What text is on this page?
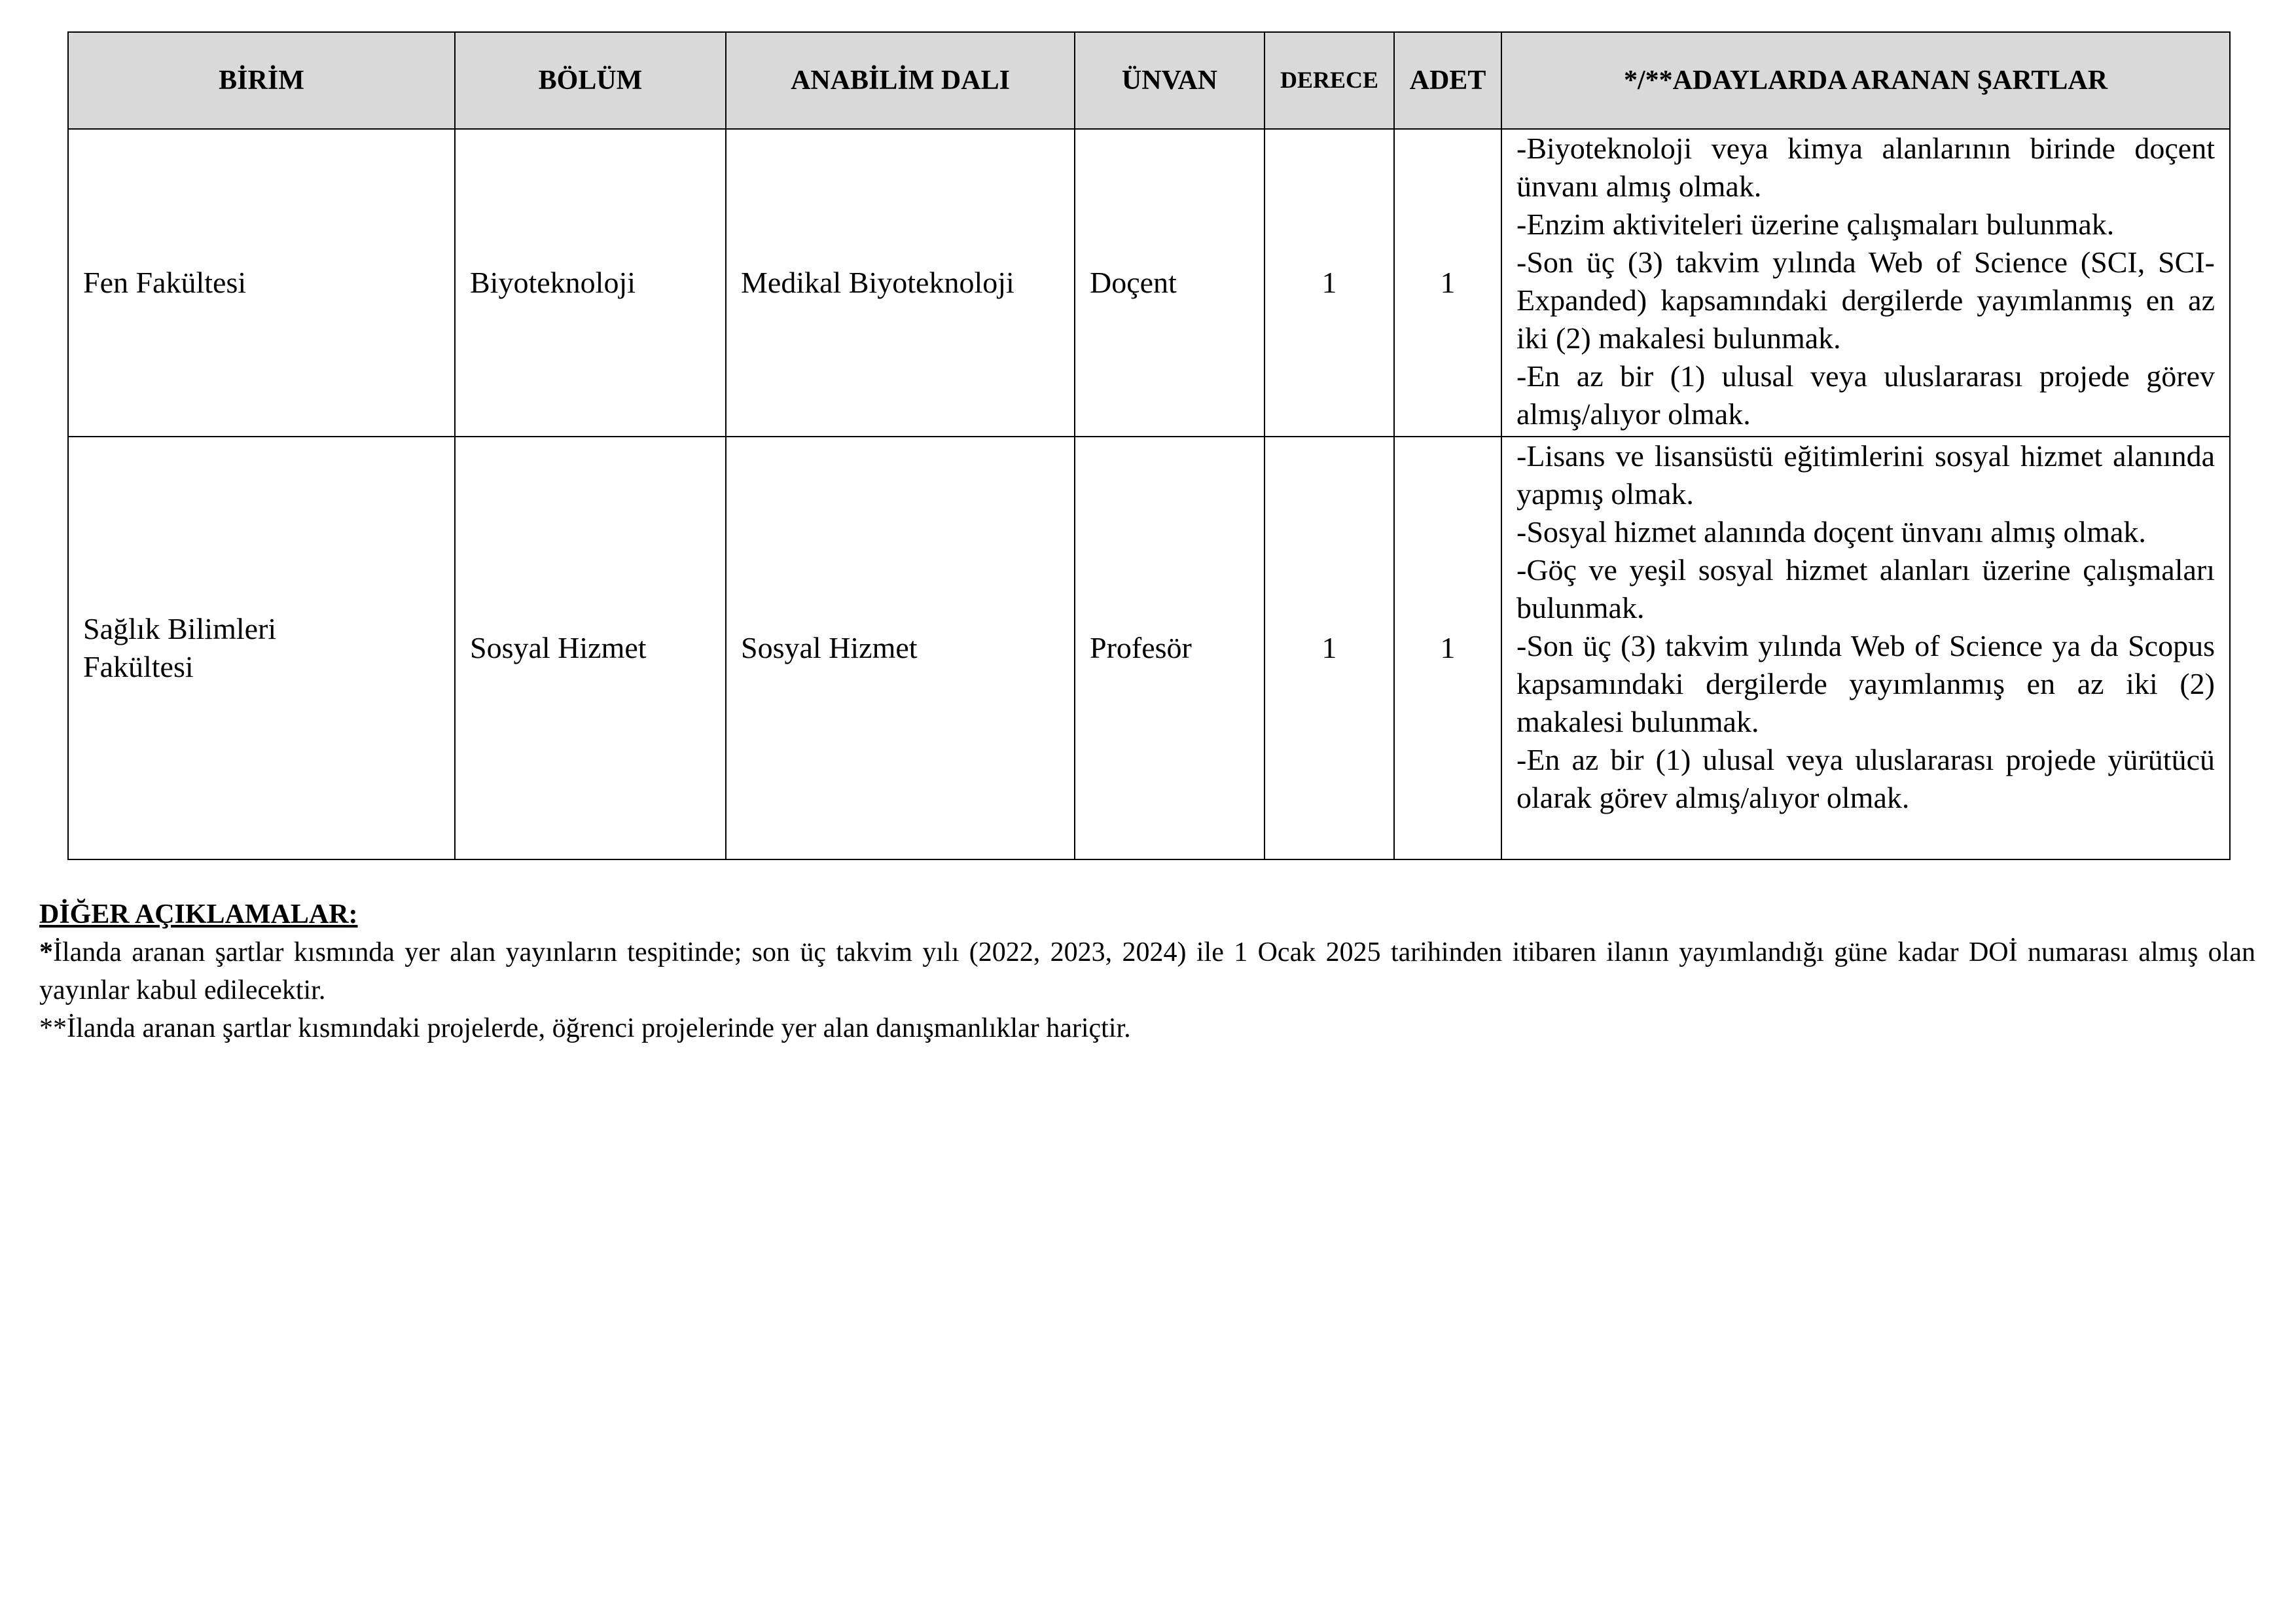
BİRİM	BÖLÜM	ANABİLİM DALI	ÜNVAN	DERECE	ADET	*/**ADAYLARDA ARANAN ŞARTLAR
Fen Fakültesi	Biyoteknoloji	Medikal Biyoteknoloji	Doçent	1	1	-Biyoteknoloji veya kimya alanlarının birinde doçent ünvanı almış olmak.

-Enzim aktiviteleri üzerine çalışmaları bulunmak.

-Son üç (3) takvim yılında Web of Science (SCI, SCI-Expanded) kapsamındaki dergilerde yayımlanmış en az iki (2) makalesi bulunmak.

-En az bir (1) ulusal veya uluslararası projede görev almış/alıyor olmak.

Sağlık Bilimleri Fakültesi	Sosyal Hizmet	Sosyal Hizmet	Profesör	1	1	-Lisans ve lisansüstü eğitimlerini sosyal hizmet alanında yapmış olmak.

-Sosyal hizmet alanında doçent ünvanı almış olmak.

-Göç ve yeşil sosyal hizmet alanları üzerine çalışmaları bulunmak.

-Son üç (3) takvim yılında Web of Science ya da Scopus kapsamındaki dergilerde yayımlanmış en az iki (2) makalesi bulunmak.

-En az bir (1) ulusal veya uluslararası projede yürütücü olarak görev almış/alıyor olmak.

DİĞER AÇIKLAMALAR:

*İlanda aranan şartlar kısmında yer alan yayınların tespitinde; son üç takvim yılı (2022, 2023, 2024) ile 1 Ocak 2025 tarihinden itibaren ilanın yayımlandığı güne kadar DOİ numarası almış olan yayınlar kabul edilecektir.

**İlanda aranan şartlar kısmındaki projelerde, öğrenci projelerinde yer alan danışmanlıklar hariçtir.
